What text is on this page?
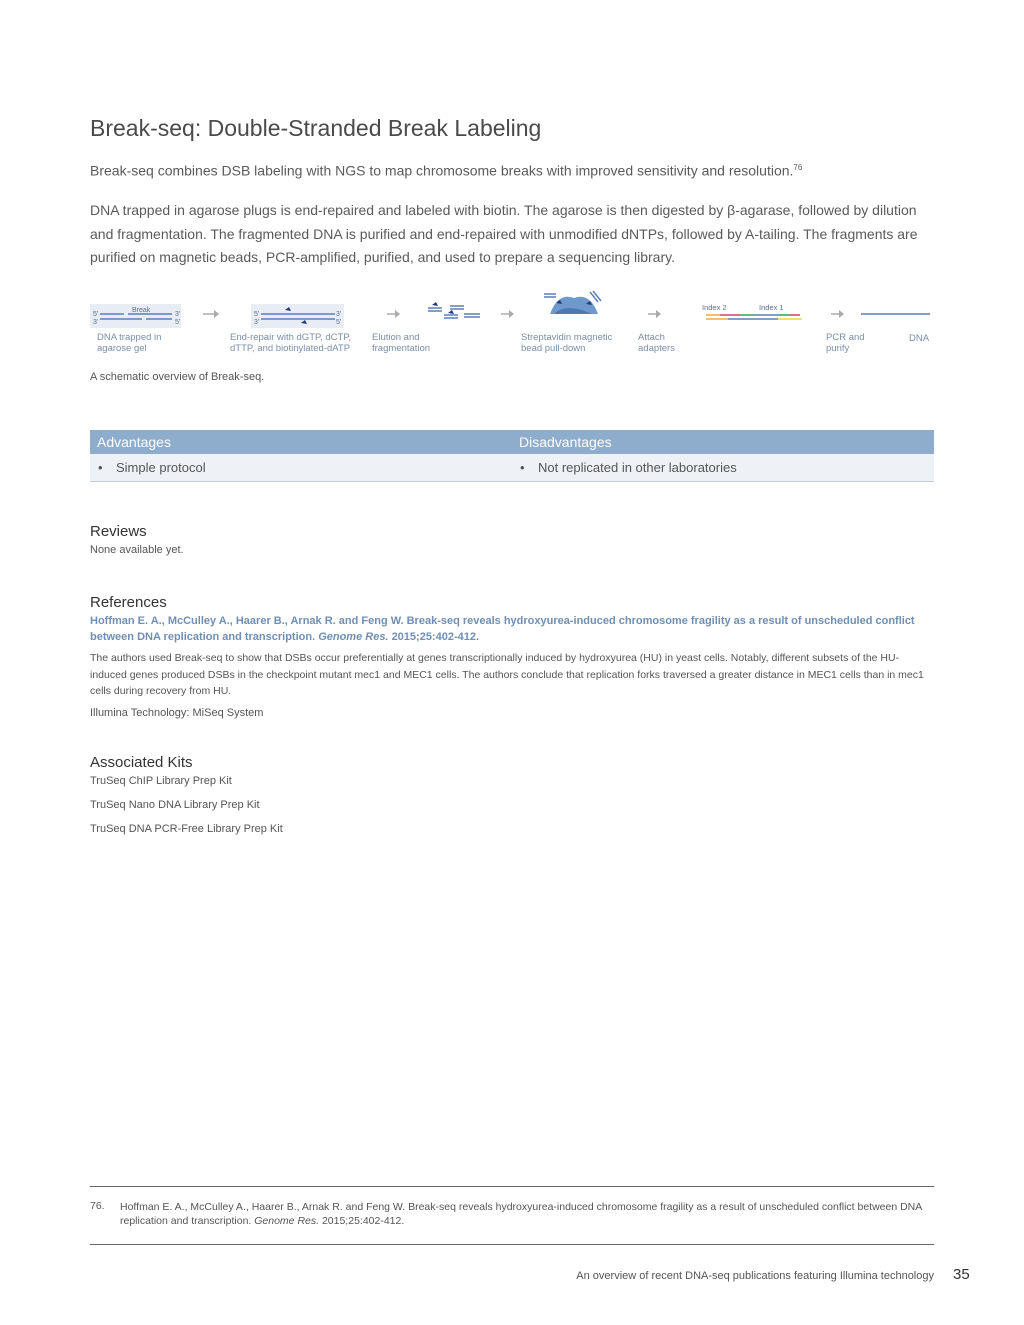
Break-seq: Double-Stranded Break Labeling

Break-seq combines DSB labeling with NGS to map chromosome breaks with improved sensitivity and resolution.$^{76}$

DNA trapped in agarose plugs is end-repaired and labeled with biotin. The agarose is then digested by β-agarase, followed by dilution and fragmentation. The fragmented DNA is purified and end-repaired with unmodified dNTPs, followed by A-tailing. The fragments are purified on magnetic beads, PCR-amplified, purified, and used to prepare a sequencing library.

Break
5'
3'
3'
5'
5'
3'
3'
5'
Index 2	Index 1
DNA trapped in
agarose gel
End-repair with dGTP, dCTP,
dTTP, and biotinylated-dATP
Elution and
fragmentation
Streptavidin magnetic
bead pull-down
Attach
adapters
PCR and
purify
DNA
A schematic overview of Break-seq.
Advantages	Disadvantages
• Simple protocol	• Not replicated in other laboratories
Reviews

None available yet.

References

Hoffman E. A., McCulley A., Haarer B., Arnak R. and Feng W. Break-seq reveals hydroxyurea-induced chromosome fragility as a result of unscheduled conflict between DNA replication and transcription. Genome Res. 2015;25:402-412.

The authors used Break-seq to show that DSBs occur preferentially at genes transcriptionally induced by hydroxyurea (HU) in yeast cells. Notably, different subsets of the HU-induced genes produced DSBs in the checkpoint mutant mec1 and MEC1 cells. The authors conclude that replication forks traversed a greater distance in MEC1 cells than in mec1 cells during recovery from HU.

Illumina Technology: MiSeq System

Associated Kits

TruSeq ChIP Library Prep Kit

TruSeq Nano DNA Library Prep Kit

TruSeq DNA PCR-Free Library Prep Kit

76. Hoffman E. A., McCulley A., Haarer B., Arnak R. and Feng W. Break-seq reveals hydroxyurea-induced chromosome fragility as a result of unscheduled conflict between DNA replication and transcription. Genome Res. 2015;25:402-412.

An overview of recent DNA-seq publications featuring Illumina technology 35
